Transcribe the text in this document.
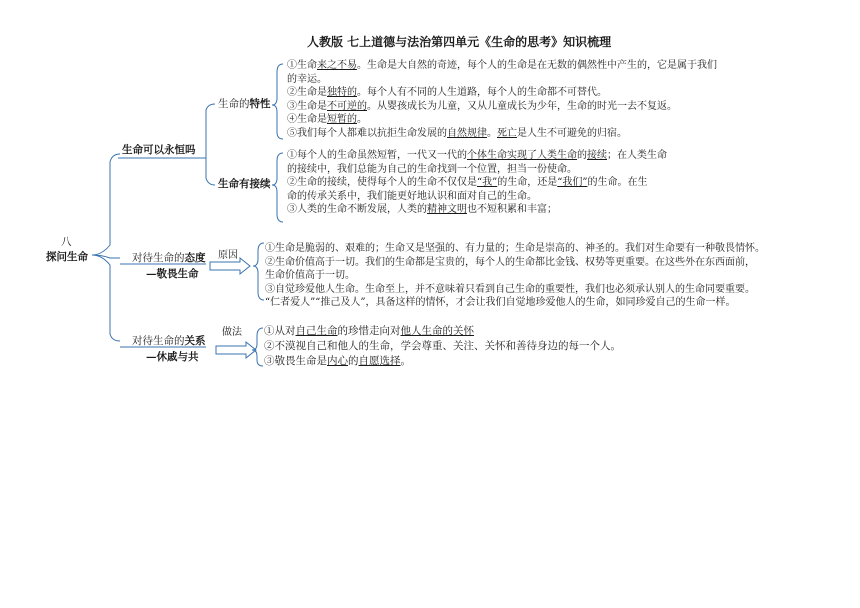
人教版 七上道德与法治第四单元《生命的思考》知识梳理
八
探问生命
生命可以永恒吗
生命的特性
生命有接续
①生命来之不易。生命是大自然的奇迹，每个人的生命是在无数的偶然性中产生的，它是属于我们
的幸运。
②生命是独特的。每个人有不同的人生道路，每个人的生命都不可替代。
③生命是不可逆的。从婴孩成长为儿童，又从儿童成长为少年，生命的时光一去不复返。
④生命是短暂的。
⑤我们每个人都难以抗拒生命发展的自然规律。死亡是人生不可避免的归宿。
①每个人的生命虽然短暂，一代又一代的个体生命实现了人类生命的接续；在人类生命
的接续中，我们总能为自己的生命找到一个位置，担当一份使命。
②生命的接续，使得每个人的生命不仅仅是“我”的生命，还是“我们”的生命。在生
命的传承关系中，我们能更好地认识和面对自己的生命。
③人类的生命不断发展，人类的精神文明也不短积累和丰富；
对待生命的态度
—敬畏生命
原因
①生命是脆弱的、艰难的；生命又是坚强的、有力量的；生命是崇高的、神圣的。我们对生命要有一种敬畏情怀。
②生命价值高于一切。我们的生命都是宝贵的，每个人的生命都比金钱、权势等更重要。在这些外在东西面前，
生命价值高于一切。
③自觉珍爱他人生命。生命至上，并不意味着只看到自己生命的重要性，我们也必须承认别人的生命同要重要。
“仁者爱人”“推己及人”，具备这样的情怀，才会让我们自觉地珍爱他人的生命，如同珍爱自己的生命一样。
对待生命的关系
—休戚与共
做法 ①从对自己生命的珍惜走向对他人生命的关怀
②不漠视自己和他人的生命，学会尊重、关注、关怀和善待身边的每一个人。
③敬畏生命是内心的自愿选择。
